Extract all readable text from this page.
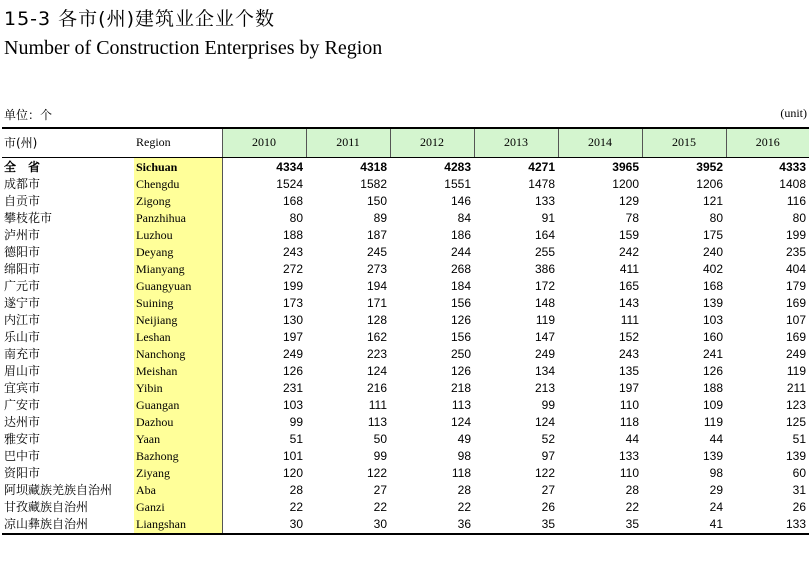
15-3 各市(州)建筑业企业个数
Number of Construction Enterprises by Region
单位：个	(unit)
市(州)	Region	2010	2011	2012	2013	2014	2015	2016
全　省	Sichuan	4334	4318	4283	4271	3965	3952	4333
成都市	Chengdu	1524	1582	1551	1478	1200	1206	1408
自贡市	Zigong	168	150	146	133	129	121	116
攀枝花市	Panzhihua	80	89	84	91	78	80	80
泸州市	Luzhou	188	187	186	164	159	175	199
德阳市	Deyang	243	245	244	255	242	240	235
绵阳市	Mianyang	272	273	268	386	411	402	404
广元市	Guangyuan	199	194	184	172	165	168	179
遂宁市	Suining	173	171	156	148	143	139	169
内江市	Neijiang	130	128	126	119	111	103	107
乐山市	Leshan	197	162	156	147	152	160	169
南充市	Nanchong	249	223	250	249	243	241	249
眉山市	Meishan	126	124	126	134	135	126	119
宜宾市	Yibin	231	216	218	213	197	188	211
广安市	Guangan	103	111	113	99	110	109	123
达州市	Dazhou	99	113	124	124	118	119	125
雅安市	Yaan	51	50	49	52	44	44	51
巴中市	Bazhong	101	99	98	97	133	139	139
资阳市	Ziyang	120	122	118	122	110	98	60
阿坝藏族羌族自治州	Aba	28	27	28	27	28	29	31
甘孜藏族自治州	Ganzi	22	22	22	26	22	24	26
凉山彝族自治州	Liangshan	30	30	36	35	35	41	133
